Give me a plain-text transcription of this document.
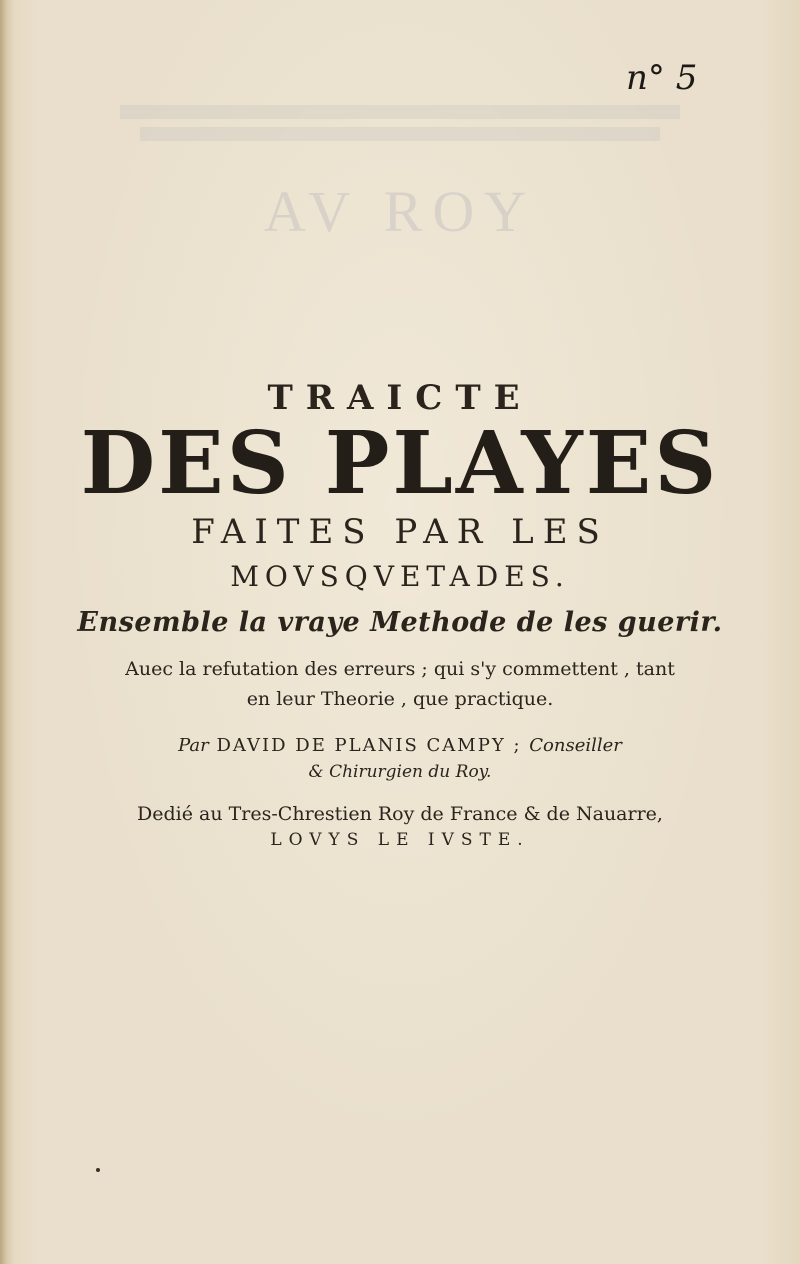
AV ROY
n° 5
TRAICTE
DES PLAYES
FAITES PAR LES
MOVSQVETADES.
Ensemble la vraye Methode de les guerir.
Auec la refutation des erreurs ; qui s'y commettent , tant
en leur Theorie , que practique.
Par DAVID DE PLANIS CAMPY ; Conseiller
& Chirurgien du Roy.
Dedié au Tres-Chrestien Roy de France & de Nauarre,
LOVYS LE IVSTE.
